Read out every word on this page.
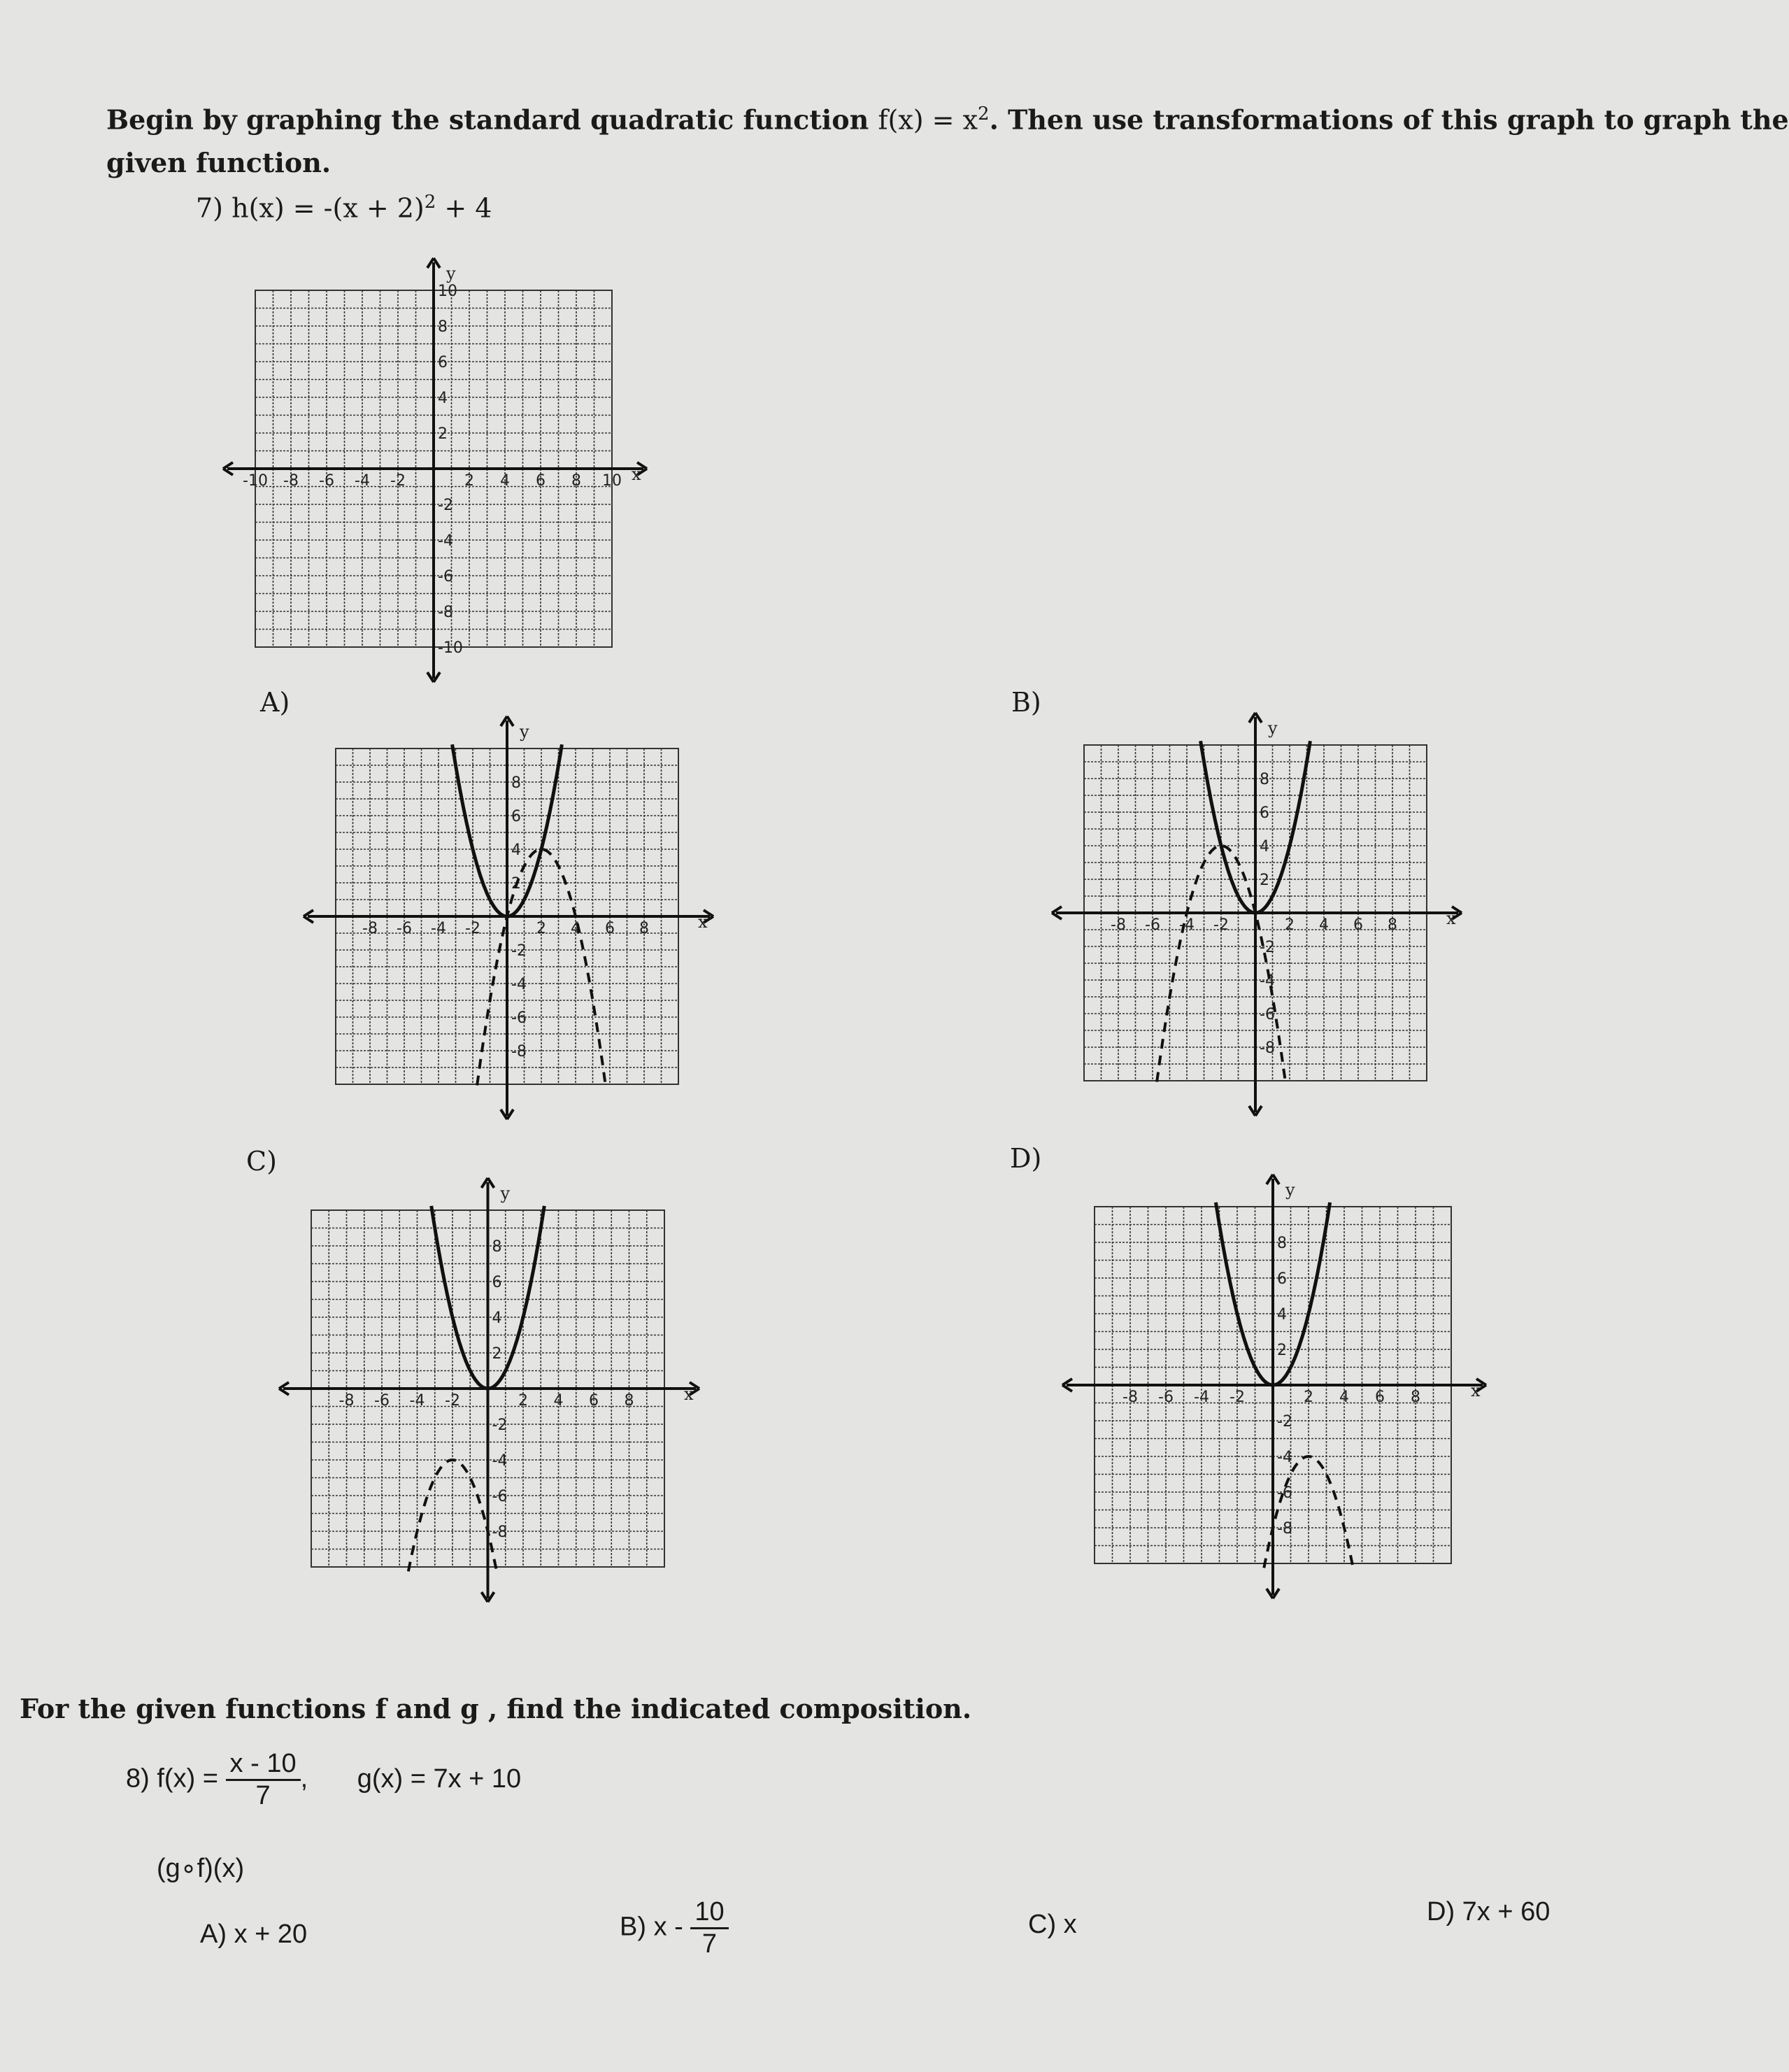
Begin by graphing the standard quadratic function $f(x) = x^2$. Then use transformations of this graph to graph the
given function.
7) $h(x) = -(x + 2)^2 + 4$
-10 -8 -6 -4 -2	2 4 6 8 10
10
8
6
4
2
-2
-4
-6
-8
-10
x
y
A)	B)
C)	D)
-8 -6 -4 -2	2 4 6 8
8
6
4
2
-2
-4
-6
-8
x
y
-8 -6 -4 -2	2 4 6 8
8
6
4
2
-2
-4
-6
-8
x
y
-8 -6 -4 -2	2 4 6 8
8
6
4
2
-2
-4
-6
-8
x
y
-8 -6 -4 -2	2 4 6 8
8
6
4
2
-2
-4
-6
-8
x
y
For the given functions f and g , find the indicated composition.
8) $f(x) = \frac{x - 10}{7}$ , g(x) = 7x + 10
(g∘f)(x)
A) x + 20	B) x - $\frac{10}{7}$	C) x	D) 7x + 60
